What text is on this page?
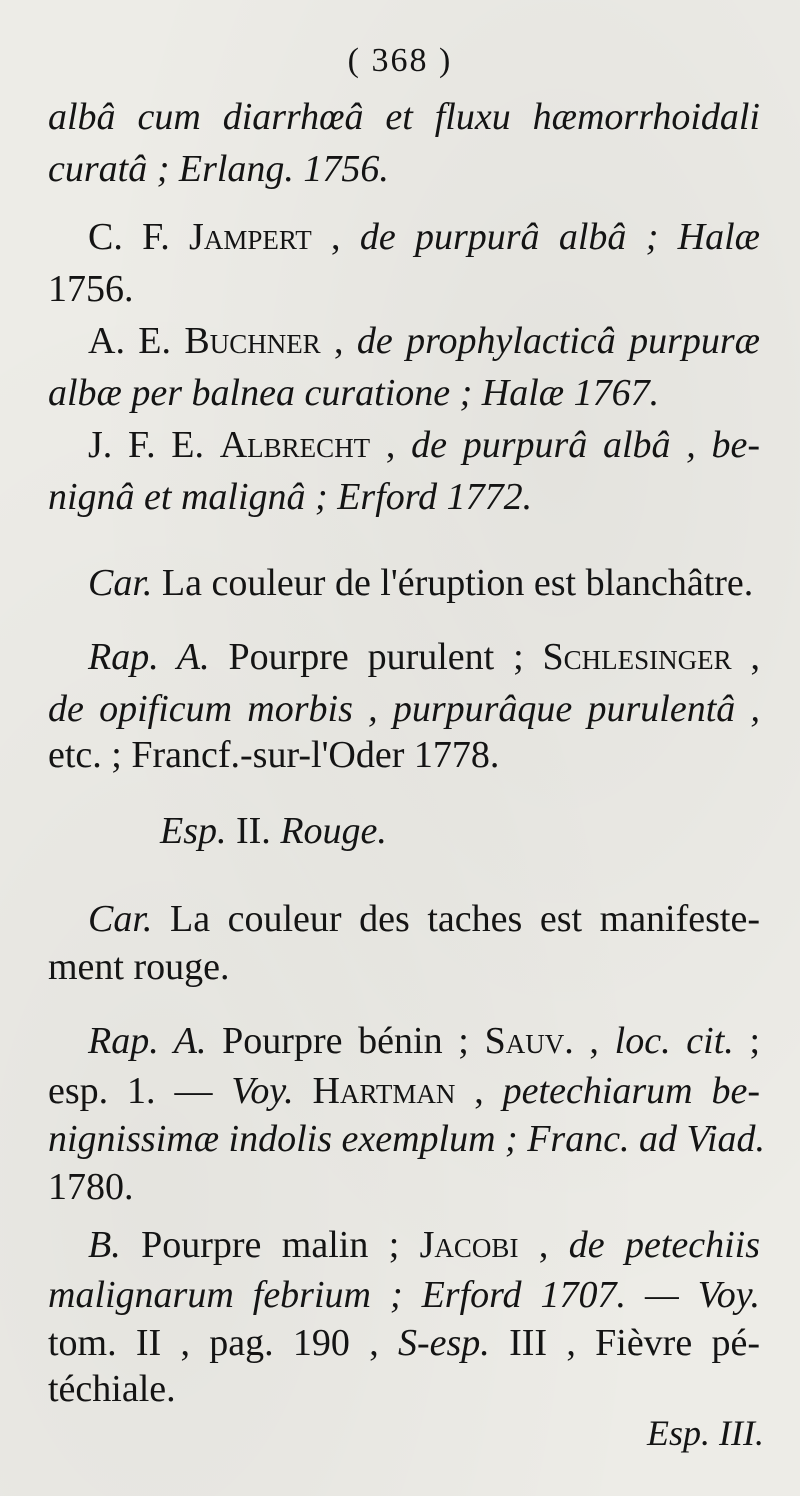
( 368 )
albâ cum diarrhœâ et fluxu hæmorrhoidali
curatâ ; Erlang. 1756.
C. F. Jampert , de purpurâ albâ ; Halæ
1756.
A. E. Buchner , de prophylacticâ purpuræ
albæ per balnea curatione ; Halæ 1767.
J. F. E. Albrecht , de purpurâ albâ , be-
nignâ et malignâ ; Erford 1772.
Car. La couleur de l'éruption est blanchâtre.
Rap. A. Pourpre purulent ; Schlesinger ,
de opificum morbis , purpurâque purulentâ ,
etc. ; Francf.-sur-l'Oder 1778.
Esp. II. Rouge.
Car. La couleur des taches est manifeste-
ment rouge.
Rap. A. Pourpre bénin ; Sauv. , loc. cit. ;
esp. 1. — Voy. Hartman , petechiarum be-
nignissimæ indolis exemplum ; Franc. ad Viad.
1780.
B. Pourpre malin ; Jacobi , de petechiis
malignarum febrium ; Erford 1707. — Voy.
tom. II , pag. 190 , S-esp. III , Fièvre pé-
téchiale.
Esp. III.
